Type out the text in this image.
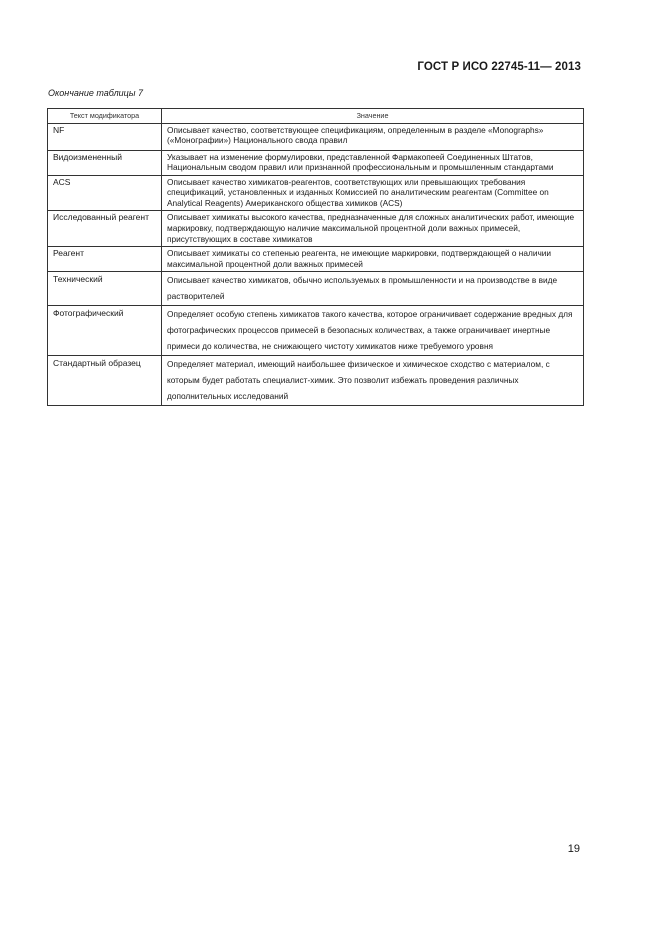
ГОСТ Р ИСО 22745-11— 2013
Окончание таблицы 7
Текст модификатора	Значение
NF	Описывает качество, соответствующее спецификациям, определенным в разделе «Monographs» («Монографии») Национального свода правил
Видоизмененный	Указывает на изменение формулировки, представленной Фармакопеей Соединенных Штатов, Национальным сводом правил или признанной профессиональным и промышленным стандартами
ACS	Описывает качество химикатов-реагентов, соответствующих или превышающих требования спецификаций, установленных и изданных Комиссией по аналитическим реагентам (Committee on Analytical Reagents) Американского общества химиков (ACS)
Исследованный реагент	Описывает химикаты высокого качества, предназначенные для сложных аналитических работ, имеющие маркировку, подтверждающую наличие максимальной процентной доли важных примесей, присутствующих в составе химикатов
Реагент	Описывает химикаты со степенью реагента, не имеющие маркировки, подтверждающей о наличии максимальной процентной доли важных примесей
Технический	Описывает качество химикатов, обычно используемых в промышленности и на производстве в виде растворителей
Фотографический	Определяет особую степень химикатов такого качества, которое ограничивает содержание вредных для фотографических процессов примесей в безопасных количествах, а также ограничивает инертные примеси до количества, не снижающего чистоту химикатов ниже требуемого уровня
Стандартный образец	Определяет материал, имеющий наибольшее физическое и химическое сходство с материалом, с которым будет работать специалист-химик. Это позволит избежать проведения различных дополнительных исследований
19
